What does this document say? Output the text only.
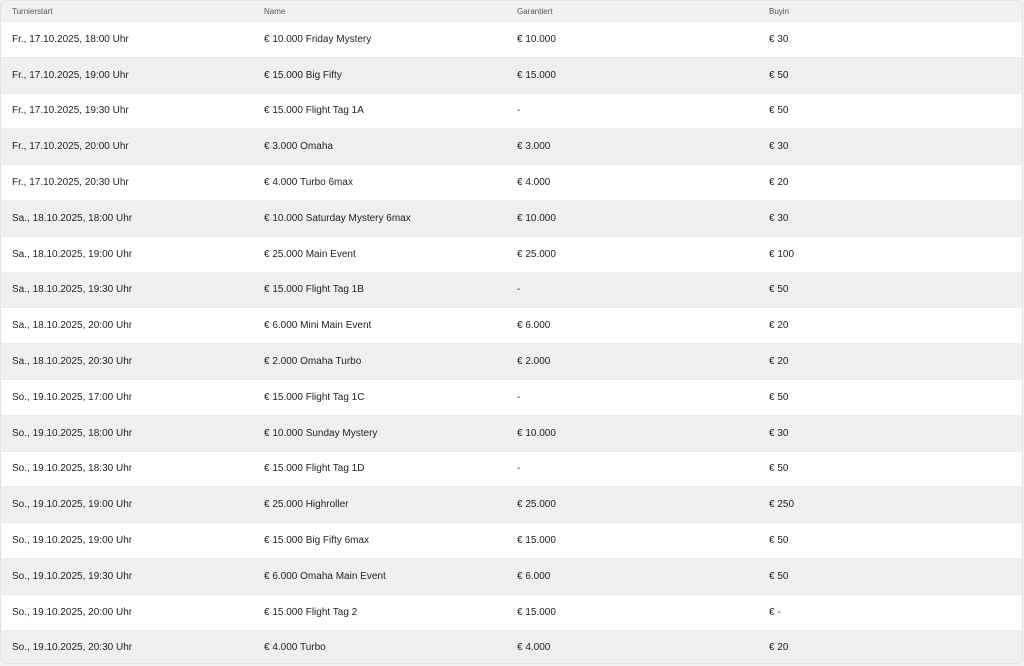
Turnierstart	Name	Garantiert	Buyin
Fr., 17.10.2025, 18:00 Uhr	€ 10.000 Friday Mystery	€ 10.000	€ 30
Fr., 17.10.2025, 19:00 Uhr	€ 15.000 Big Fifty	€ 15.000	€ 50
Fr., 17.10.2025, 19:30 Uhr	€ 15.000 Flight Tag 1A	-	€ 50
Fr., 17.10.2025, 20:00 Uhr	€ 3.000 Omaha	€ 3.000	€ 30
Fr., 17.10.2025, 20:30 Uhr	€ 4.000 Turbo 6max	€ 4.000	€ 20
Sa., 18.10.2025, 18:00 Uhr	€ 10.000 Saturday Mystery 6max	€ 10.000	€ 30
Sa., 18.10.2025, 19:00 Uhr	€ 25.000 Main Event	€ 25.000	€ 100
Sa., 18.10.2025, 19:30 Uhr	€ 15.000 Flight Tag 1B	-	€ 50
Sa., 18.10.2025, 20:00 Uhr	€ 6.000 Mini Main Event	€ 6.000	€ 20
Sa., 18.10.2025, 20:30 Uhr	€ 2.000 Omaha Turbo	€ 2.000	€ 20
So., 19.10.2025, 17:00 Uhr	€ 15.000 Flight Tag 1C	-	€ 50
So., 19.10.2025, 18:00 Uhr	€ 10.000 Sunday Mystery	€ 10.000	€ 30
So., 19.10.2025, 18:30 Uhr	€ 15.000 Flight Tag 1D	-	€ 50
So., 19.10.2025, 19:00 Uhr	€ 25.000 Highroller	€ 25.000	€ 250
So., 19.10.2025, 19:00 Uhr	€ 15.000 Big Fifty 6max	€ 15.000	€ 50
So., 19.10.2025, 19:30 Uhr	€ 6.000 Omaha Main Event	€ 6.000	€ 50
So., 19.10.2025, 20:00 Uhr	€ 15.000 Flight Tag 2	€ 15.000	€ -
So., 19.10.2025, 20:30 Uhr	€ 4.000 Turbo	€ 4.000	€ 20
